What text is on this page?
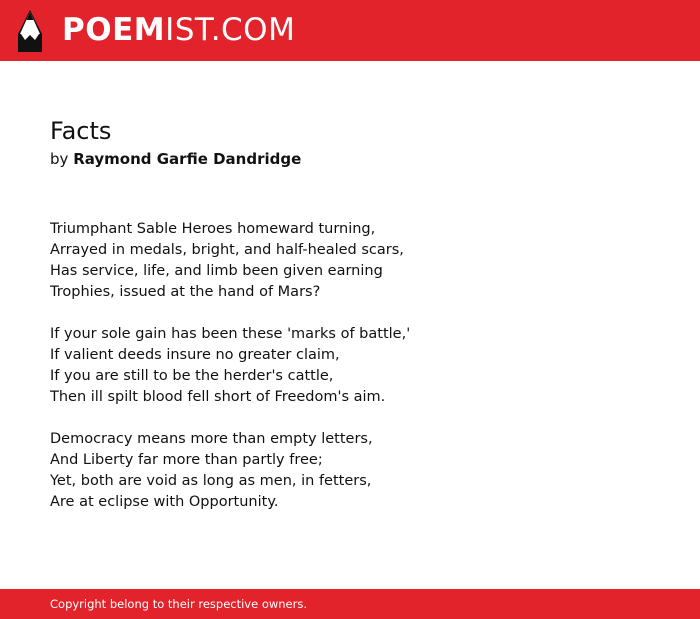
POEMIST.COM
Facts
by Raymond Garfie Dandridge

Triumphant Sable Heroes homeward turning,
Arrayed in medals, bright, and half-healed scars,
Has service, life, and limb been given earning
Trophies, issued at the hand of Mars?

If your sole gain has been these 'marks of battle,'
If valient deeds insure no greater claim,
If you are still to be the herder's cattle,
Then ill spilt blood fell short of Freedom's aim.

Democracy means more than empty letters,
And Liberty far more than partly free;
Yet, both are void as long as men, in fetters,
Are at eclipse with Opportunity.

Copyright belong to their respective owners.
